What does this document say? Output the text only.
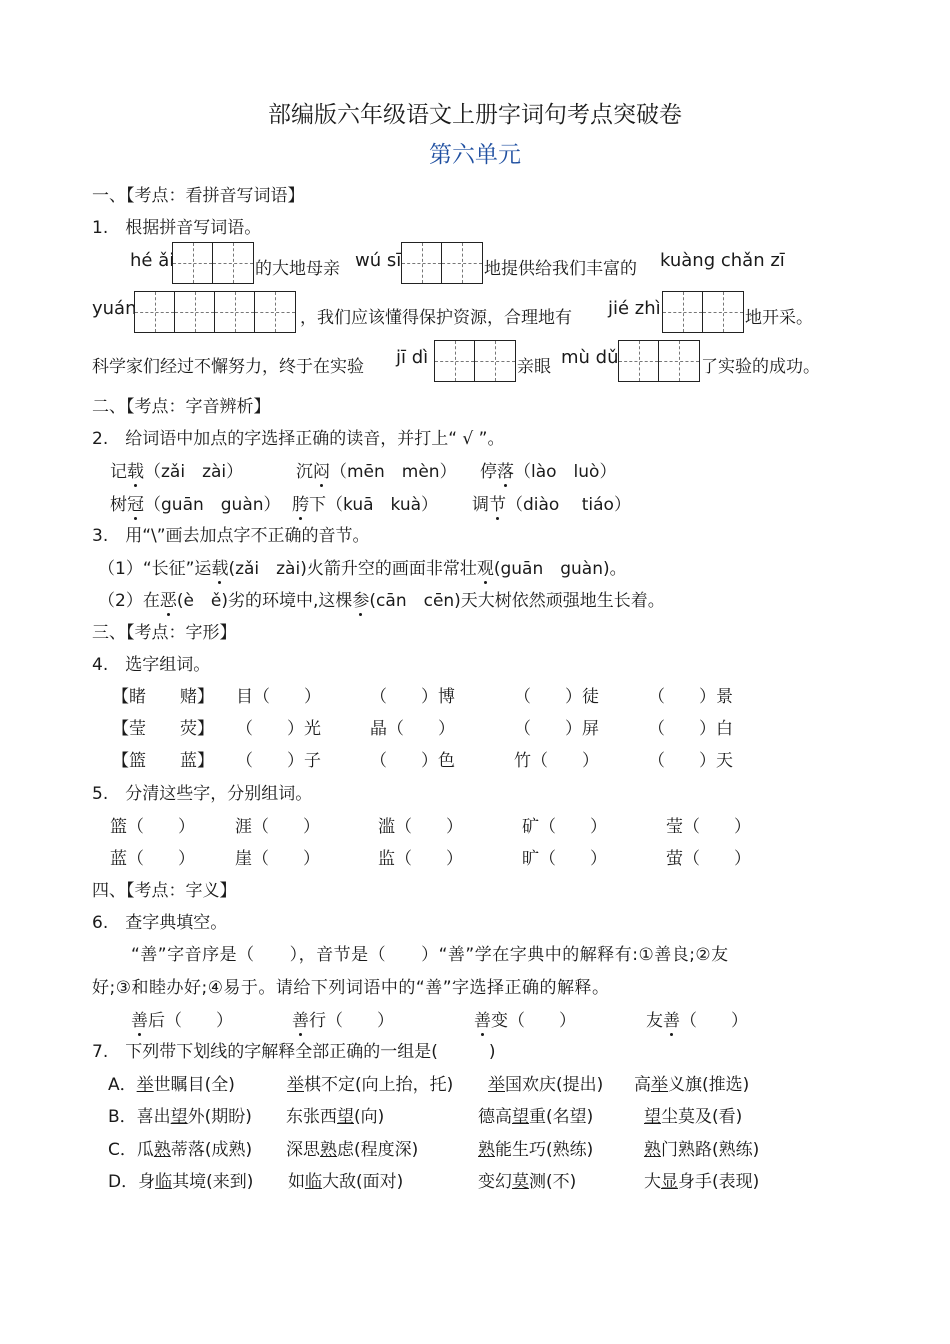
部编版六年级语文上册字词句考点突破卷
第六单元
一、【考点：看拼音写词语】
1.　根据拼音写词语。
hé ǎi	的大地母亲 wú sī	地提供给我们丰富的 kuàng chǎn zī
yuán	，我们应该懂得保护资源，合理地有 jié zhì	地开采。
科学家们经过不懈努力，终于在实验 jī dì	亲眼 mù dǔ	了实验的成功。
二、【考点：字音辨析】
2.　给词语中加点的字选择正确的读音，并打上“ √ ”。
记载（zǎi　zài）	沉闷（mēn　mèn） 停落（lào　luò）
树冠（guān　guàn） 胯下（kuā　kuà） 调节（diào　 tiáo）
3.　用“\”画去加点字不正确的音节。
（1）“长征”运载(zǎi　zài)火箭升空的画面非常壮观(guān　guàn)。
（2）在恶(è　ě)劣的环境中,这棵参(cān　cēn)天大树依然顽强地生长着。
三、【考点：字形】
4.　选字组词。
【睹　　赌】 目（　　）	（　　）博	（　　）徒	（　　）景
【莹　　荧】 （　　）光	晶（　　）	（　　）屏	（　　）白
【篮　　蓝】 （　　）子	（　　）色	竹（　　）	（　　）天
5.　分清这些字，分别组词。
篮（　　） 涯（　　）	滥（　　）	矿（　　）	莹（　　）
蓝（　　） 崖（　　）	监（　　）	旷（　　）	萤（　　）
四、【考点：字义】
6.　查字典填空。
“善”字音序是（　　），音节是（　　）“善”学在字典中的解释有:①善良;②友
好;③和睦办好;④易于。请给下列词语中的“善”字选择正确的解释。
善后（　　）	善行（　　）	善变（　　）	友善（　　）
7.　下列带下划线的字解释全部正确的一组是(　　　)
A．举世瞩目(全)	举棋不定(向上抬，托) 举国欢庆(提出) 高举义旗(推选)
B．喜出望外(期盼) 东张西望(向)	德高望重(名望)	望尘莫及(看)
C．瓜熟蒂落(成熟) 深思熟虑(程度深)	熟能生巧(熟练)	熟门熟路(熟练)
D．身临其境(来到) 如临大敌(面对)	变幻莫测(不)	大显身手(表现)
